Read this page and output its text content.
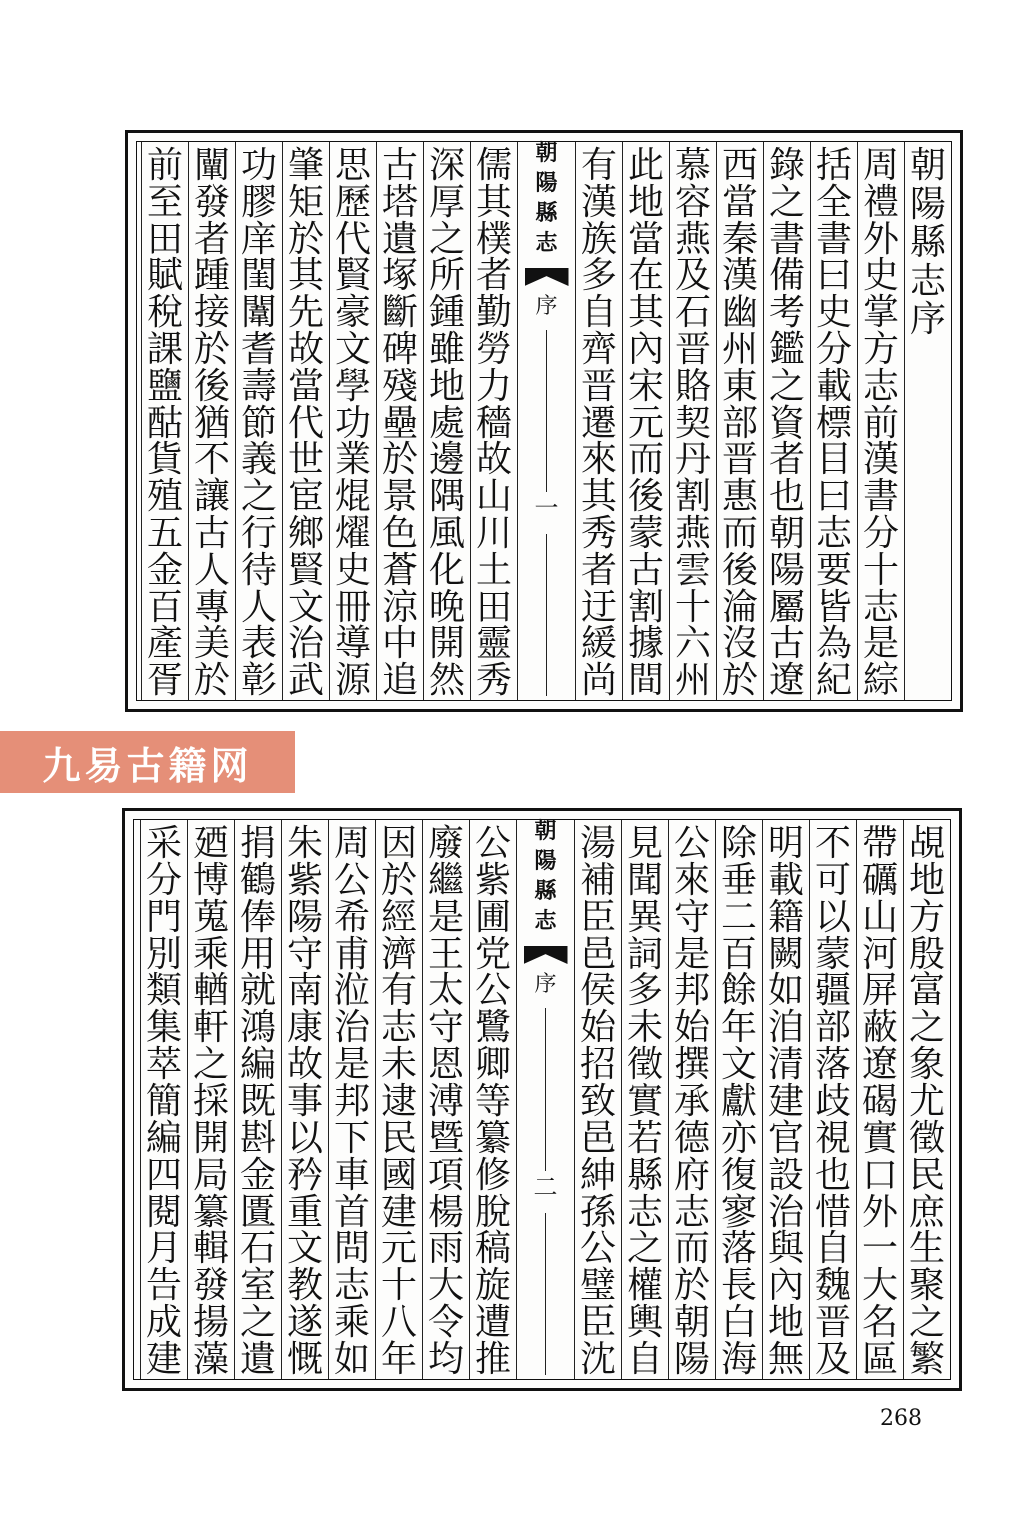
朝
陽
縣
志
序
周
禮
外
史
掌
方
志
前
漢
書
分
十
志
是
綜
括
全
書
曰
史
分
載
標
目
曰
志
要
皆
為
紀
錄
之
書
備
考
鑑
之
資
者
也
朝
陽
屬
古
遼
西
當
秦
漢
幽
州
東
部
晋
惠
而
後
淪
沒
於
慕
容
燕
及
石
晋
賂
契
丹
割
燕
雲
十
六
州
此
地
當
在
其
內
宋
元
而
後
蒙
古
割
據
間
有
漢
族
多
自
齊
晋
遷
來
其
秀
者
迂
緩
尚
朝
陽
縣
志
序
一
儒
其
樸
者
勤
勞
力
穡
故
山
川
土
田
靈
秀
深
厚
之
所
鍾
雖
地
處
邊
隅
風
化
晚
開
然
古
塔
遺
塚
斷
碑
殘
壘
於
景
色
蒼
涼
中
追
思
歷
代
賢
豪
文
學
功
業
焜
燿
史
冊
導
源
肇
矩
於
其
先
故
當
代
世
宦
鄉
賢
文
治
武
功
膠
庠
閨
闈
耆
壽
節
義
之
行
待
人
表
彰
闡
發
者
踵
接
於
後
猶
不
讓
古
人
專
美
於
前
至
田
賦
稅
課
鹽
酤
貨
殖
五
金
百
產
胥
覘
地
方
殷
富
之
象
尤
徵
民
庶
生
聚
之
繁
帶
礪
山
河
屏
蔽
遼
碣
實
口
外
一
大
名
區
不
可
以
蒙
疆
部
落
歧
視
也
惜
自
魏
晋
及
明
載
籍
闕
如
洎
清
建
官
設
治
與
內
地
無
除
垂
二
百
餘
年
文
獻
亦
復
寥
落
長
白
海
公
來
守
是
邦
始
撰
承
德
府
志
而
於
朝
陽
見
聞
異
詞
多
未
徵
實
若
縣
志
之
權
輿
自
湯
補
臣
邑
侯
始
招
致
邑
紳
孫
公
璧
臣
沈
朝
陽
縣
志
序
二
公
紫
圃
党
公
鷺
卿
等
纂
修
脫
稿
旋
遭
推
廢
繼
是
王
太
守
恩
溥
暨
項
楊
雨
大
令
均
因
於
經
濟
有
志
未
逮
民
國
建
元
十
八
年
周
公
希
甫
涖
治
是
邦
下
車
首
問
志
乘
如
朱
紫
陽
守
南
康
故
事
以
矜
重
文
教
遂
慨
捐
鶴
俸
用
就
鴻
編
既
斟
金
匱
石
室
之
遺
廼
博
蒐
乘
輶
軒
之
採
開
局
纂
輯
發
揚
藻
采
分
門
別
類
集
萃
簡
編
四
閱
月
告
成
建
九易古籍网
268
